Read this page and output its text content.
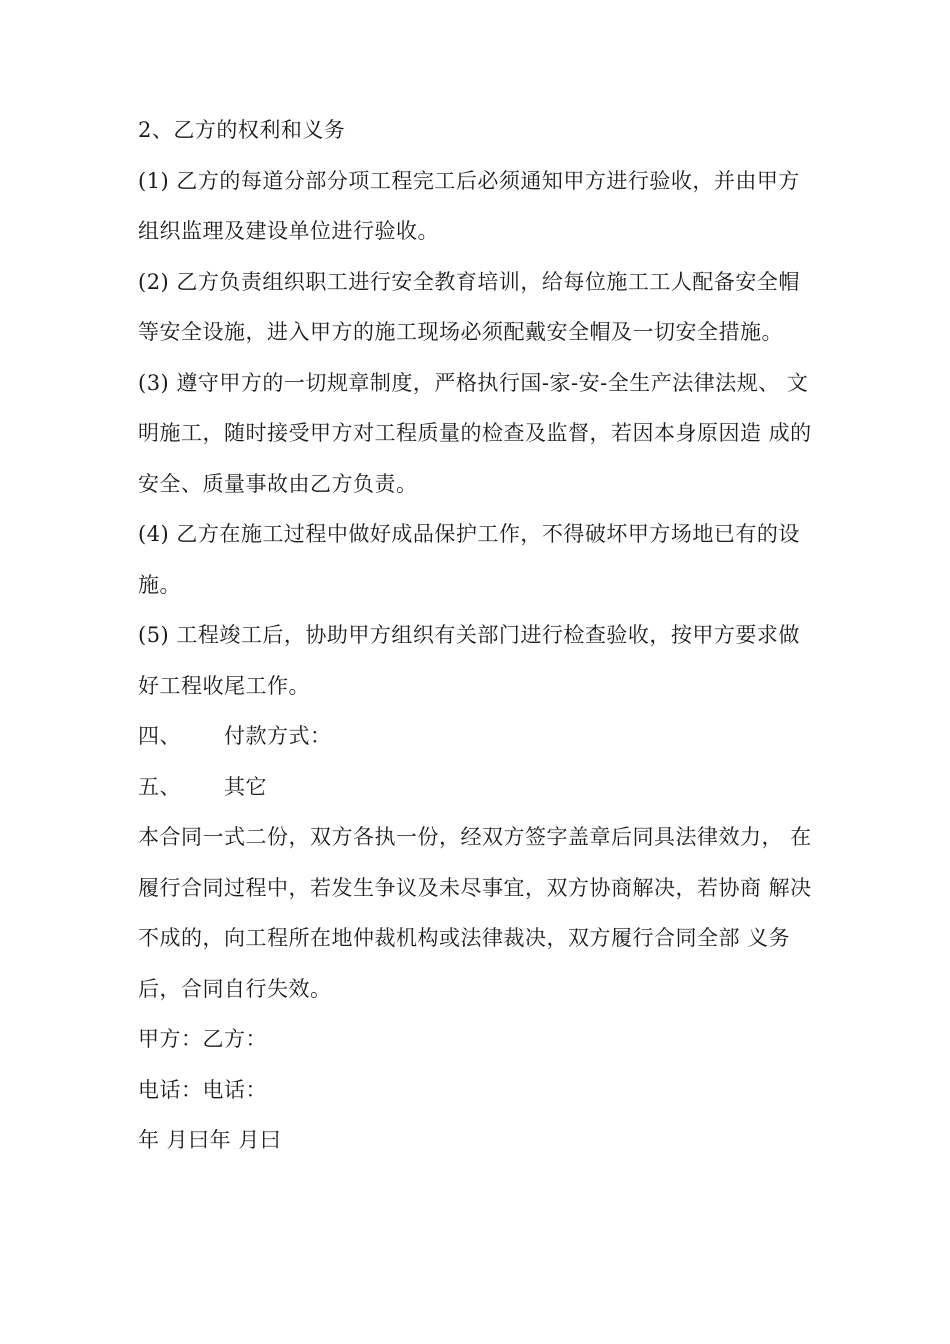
2、乙方的权利和义务
(1) 乙方的每道分部分项工程完工后必须通知甲方进行验收，并由甲方
组织监理及建设单位进行验收。
(2) 乙方负责组织职工进行安全教育培训，给每位施工工人配备安全帽
等安全设施，进入甲方的施工现场必须配戴安全帽及一切安全措施。
(3) 遵守甲方的一切规章制度，严格执行国-家-安-全生产法律法规、 文
明施工，随时接受甲方对工程质量的检查及监督，若因本身原因造 成的
安全、质量事故由乙方负责。
(4) 乙方在施工过程中做好成品保护工作，不得破坏甲方场地已有的设
施。
(5) 工程竣工后，协助甲方组织有关部门进行检查验收，按甲方要求做
好工程收尾工作。
四、      付款方式：
五、      其它
本合同一式二份，双方各执一份，经双方签字盖章后同具法律效力， 在
履行合同过程中，若发生争议及未尽事宜，双方协商解决，若协商 解决
不成的，向工程所在地仲裁机构或法律裁决，双方履行合同全部 义务
后，合同自行失效。
甲方：乙方：
电话：电话：
年 月曰年 月曰
